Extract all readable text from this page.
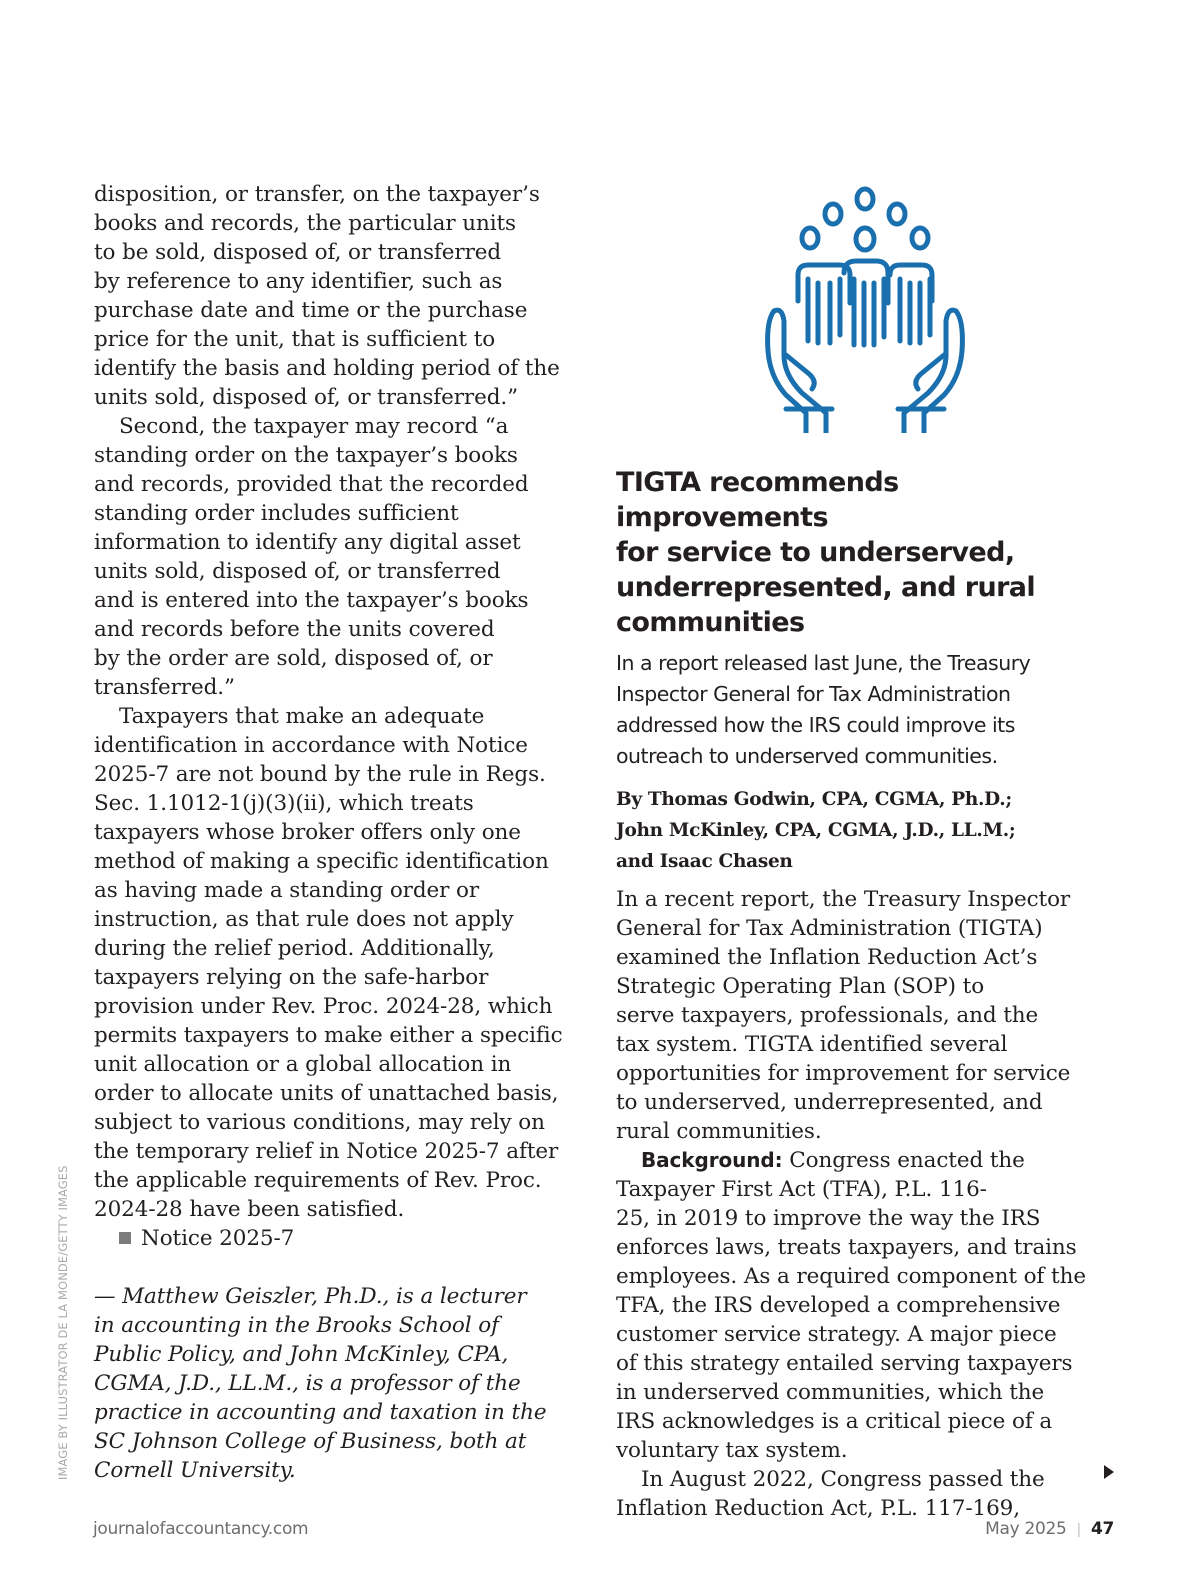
disposition, or transfer, on the taxpayer’s
books and records, the particular units
to be sold, disposed of, or transferred
by reference to any identifier, such as
purchase date and time or the purchase
price for the unit, that is sufficient to
identify the basis and holding period of the
units sold, disposed of, or transferred.”

Second, the taxpayer may record “a
standing order on the taxpayer’s books
and records, provided that the recorded
standing order includes sufficient
information to identify any digital asset
units sold, disposed of, or transferred
and is entered into the taxpayer’s books
and records before the units covered
by the order are sold, disposed of, or
transferred.”

Taxpayers that make an adequate
identification in accordance with Notice
2025-7 are not bound by the rule in Regs.
Sec. 1.1012-1(j)(3)(ii), which treats
taxpayers whose broker offers only one
method of making a specific identification
as having made a standing order or
instruction, as that rule does not apply
during the relief period. Additionally,
taxpayers relying on the safe-harbor
provision under Rev. Proc. 2024-28, which
permits taxpayers to make either a specific
unit allocation or a global allocation in
order to allocate units of unattached basis,
subject to various conditions, may rely on
the temporary relief in Notice 2025-7 after
the applicable requirements of Rev. Proc.
2024-28 have been satisfied.

Notice 2025-7

— Matthew Geiszler, Ph.D., is a lecturer
in accounting in the Brooks School of
Public Policy, and John McKinley, CPA,
CGMA, J.D., LL.M., is a professor of the
practice in accounting and taxation in the
SC Johnson College of Business, both at
Cornell University.

TIGTA recommends improvements
for service to underserved,
underrepresented, and rural
communities

In a report released last June, the Treasury
Inspector General for Tax Administration
addressed how the IRS could improve its
outreach to underserved communities.

By Thomas Godwin, CPA, CGMA, Ph.D.;
John McKinley, CPA, CGMA, J.D., LL.M.;
and Isaac Chasen

In a recent report, the Treasury Inspector
General for Tax Administration (TIGTA)
examined the Inflation Reduction Act’s
Strategic Operating Plan (SOP) to
serve taxpayers, professionals, and the
tax system. TIGTA identified several
opportunities for improvement for service
to underserved, underrepresented, and
rural communities.
Background: Congress enacted the
Taxpayer First Act (TFA), P.L. 116-
25, in 2019 to improve the way the IRS
enforces laws, treats taxpayers, and trains
employees. As a required component of the
TFA, the IRS developed a comprehensive
customer service strategy. A major piece
of this strategy entailed serving taxpayers
in underserved communities, which the
IRS acknowledges is a critical piece of a
voluntary tax system.
In August 2022, Congress passed the
Inflation Reduction Act, P.L. 117-169,
IMAGE BY ILLUSTRATOR DE LA MONDE/GETTY IMAGES
journalofaccountancy.com	May 2025 | 47
